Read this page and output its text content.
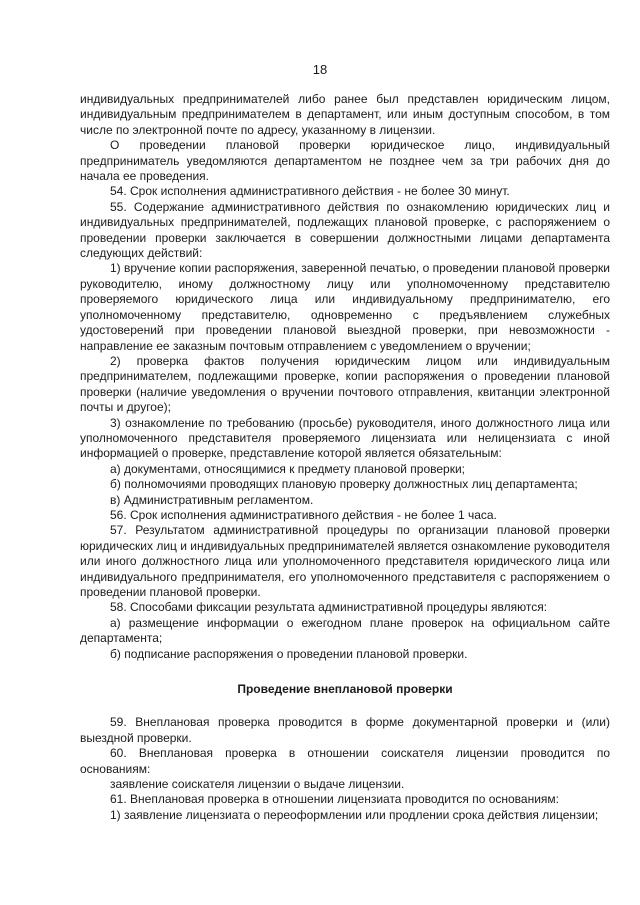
18

индивидуальных предпринимателей либо ранее был представлен юридическим лицом, индивидуальным предпринимателем в департамент, или иным доступным способом, в том числе по электронной почте по адресу, указанному в лицензии.

О проведении плановой проверки юридическое лицо, индивидуальный предприниматель уведомляются департаментом не позднее чем за три рабочих дня до начала ее проведения.

54. Срок исполнения административного действия - не более 30 минут.

55. Содержание административного действия по ознакомлению юридических лиц и индивидуальных предпринимателей, подлежащих плановой проверке, с распоряжением о проведении проверки заключается в совершении должностными лицами департамента следующих действий:

1) вручение копии распоряжения, заверенной печатью, о проведении плановой проверки руководителю, иному должностному лицу или уполномоченному представителю проверяемого юридического лица или индивидуальному предпринимателю, его уполномоченному представителю, одновременно с предъявлением служебных удостоверений при проведении плановой выездной проверки, при невозможности - направление ее заказным почтовым отправлением с уведомлением о вручении;

2) проверка фактов получения юридическим лицом или индивидуальным предпринимателем, подлежащими проверке, копии распоряжения о проведении плановой проверки (наличие уведомления о вручении почтового отправления, квитанции электронной почты и другое);

3) ознакомление по требованию (просьбе) руководителя, иного должностного лица или уполномоченного представителя проверяемого лицензиата или нелицензиата с иной информацией о проверке, представление которой является обязательным:

а) документами, относящимися к предмету плановой проверки;

б) полномочиями проводящих плановую проверку должностных лиц департамента;

в) Административным регламентом.

56. Срок исполнения административного действия - не более 1 часа.

57. Результатом административной процедуры по организации плановой проверки юридических лиц и индивидуальных предпринимателей является ознакомление руководителя или иного должностного лица или уполномоченного представителя юридического лица или индивидуального предпринимателя, его уполномоченного представителя с распоряжением о проведении плановой проверки.

58. Способами фиксации результата административной процедуры являются:

а) размещение информации о ежегодном плане проверок на официальном сайте департамента;

б) подписание распоряжения о проведении плановой проверки.

Проведение внеплановой проверки

59. Внеплановая проверка проводится в форме документарной проверки и (или) выездной проверки.

60. Внеплановая проверка в отношении соискателя лицензии проводится по основаниям:

заявление соискателя лицензии о выдаче лицензии.

61. Внеплановая проверка в отношении лицензиата проводится по основаниям:

1) заявление лицензиата о переоформлении или продлении срока действия лицензии;
